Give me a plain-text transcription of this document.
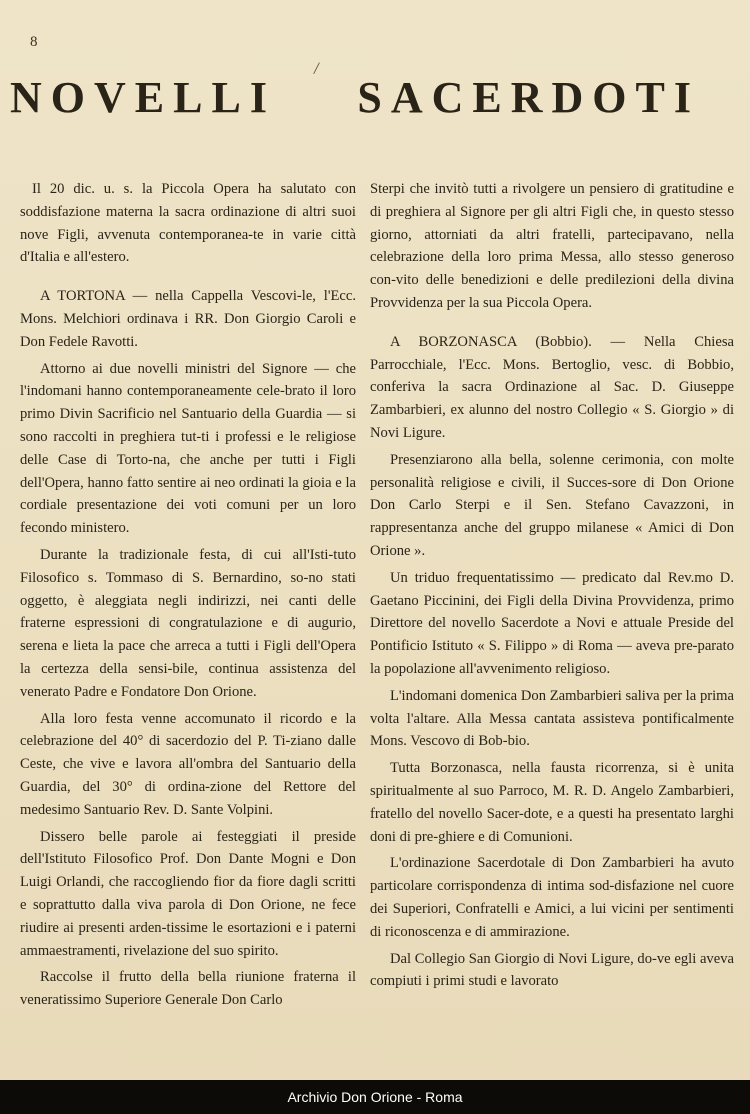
8
/
NOVELLI SACERDOTI

Il 20 dic. u. s. la Piccola Opera ha salutato con soddisfazione materna la sacra ordinazione di altri suoi nove Figli, avvenuta contemporanea-te in varie città d'Italia e all'estero.

A TORTONA — nella Cappella Vescovi-le, l'Ecc. Mons. Melchiori ordinava i RR. Don Giorgio Caroli e Don Fedele Ravotti.

Attorno ai due novelli ministri del Signore — che l'indomani hanno contemporaneamente cele-brato il loro primo Divin Sacrificio nel Santuario della Guardia — si sono raccolti in preghiera tut-ti i professi e le religiose delle Case di Torto-na, che anche per tutti i Figli dell'Opera, hanno fatto sentire ai neo ordinati la gioia e la cordiale presentazione dei voti comuni per un loro fecondo ministero.

Durante la tradizionale festa, di cui all'Isti-tuto Filosofico s. Tommaso di S. Bernardino, so-no stati oggetto, è aleggiata negli indirizzi, nei canti delle fraterne espressioni di congratulazione e di augurio, serena e lieta la pace che arreca a tutti i Figli dell'Opera la certezza della sensi-bile, continua assistenza del venerato Padre e Fondatore Don Orione.

Alla loro festa venne accomunato il ricordo e la celebrazione del 40° di sacerdozio del P. Ti-ziano dalle Ceste, che vive e lavora all'ombra del Santuario della Guardia, del 30° di ordina-zione del Rettore del medesimo Santuario Rev. D. Sante Volpini.

Dissero belle parole ai festeggiati il preside dell'Istituto Filosofico Prof. Don Dante Mogni e Don Luigi Orlandi, che raccogliendo fior da fiore dagli scritti e soprattutto dalla viva parola di Don Orione, ne fece riudire ai presenti arden-tissime le esortazioni e i paterni ammaestramenti, rivelazione del suo spirito.

Raccolse il frutto della bella riunione fraterna il veneratissimo Superiore Generale Don Carlo

Sterpi che invitò tutti a rivolgere un pensiero di gratitudine e di preghiera al Signore per gli altri Figli che, in questo stesso giorno, attorniati da altri fratelli, partecipavano, nella celebrazione della loro prima Messa, allo stesso generoso con-vito delle benedizioni e delle predilezioni della divina Provvidenza per la sua Piccola Opera.

A BORZONASCA (Bobbio). — Nella Chiesa Parrocchiale, l'Ecc. Mons. Bertoglio, vesc. di Bobbio, conferiva la sacra Ordinazione al Sac. D. Giuseppe Zambarbieri, ex alunno del nostro Collegio « S. Giorgio » di Novi Ligure.

Presenziarono alla bella, solenne cerimonia, con molte personalità religiose e civili, il Succes-sore di Don Orione Don Carlo Sterpi e il Sen. Stefano Cavazzoni, in rappresentanza anche del gruppo milanese « Amici di Don Orione ».

Un triduo frequentatissimo — predicato dal Rev.mo D. Gaetano Piccinini, dei Figli della Divina Provvidenza, primo Direttore del novello Sacerdote a Novi e attuale Preside del Pontificio Istituto « S. Filippo » di Roma — aveva pre-parato la popolazione all'avvenimento religioso.

L'indomani domenica Don Zambarbieri saliva per la prima volta l'altare. Alla Messa cantata assisteva pontificalmente Mons. Vescovo di Bob-bio.

Tutta Borzonasca, nella fausta ricorrenza, si è unita spiritualmente al suo Parroco, M. R. D. Angelo Zambarbieri, fratello del novello Sacer-dote, e a questi ha presentato larghi doni di pre-ghiere e di Comunioni.

L'ordinazione Sacerdotale di Don Zambarbieri ha avuto particolare corrispondenza di intima sod-disfazione nel cuore dei Superiori, Confratelli e Amici, a lui vicini per sentimenti di riconoscenza e di ammirazione.

Dal Collegio San Giorgio di Novi Ligure, do-ve egli aveva compiuti i primi studi e lavorato

Archivio Don Orione - Roma
